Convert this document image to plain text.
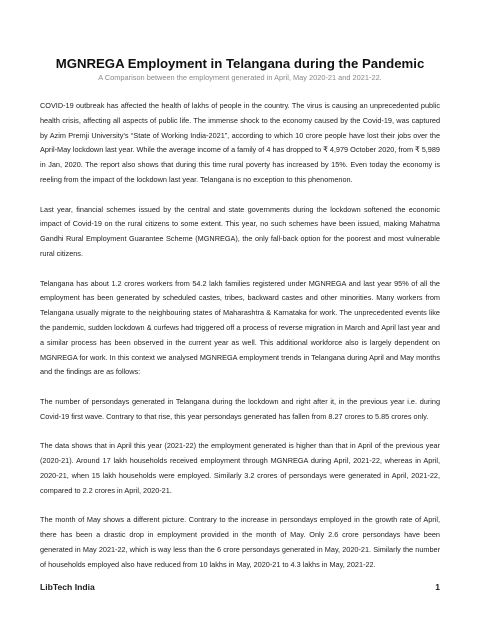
MGNREGA Employment in Telangana during the Pandemic
A Comparison between the employment generated in April, May 2020-21 and 2021-22.

COVID-19 outbreak has affected the health of lakhs of people in the country. The virus is causing an unprecedented public health crisis, affecting all aspects of public life. The immense shock to the economy caused by the Covid-19, was captured by Azim Premji University’s “State of Working India-2021”, according to which 10 crore people have lost their jobs over the April-May lockdown last year. While the average income of a family of 4 has dropped to ₹ 4,979 October 2020, from ₹ 5,989 in Jan, 2020. The report also shows that during this time rural poverty has increased by 15%. Even today the economy is reeling from the impact of the lockdown last year. Telangana is no exception to this phenomenon.

Last year, financial schemes issued by the central and state governments during the lockdown softened the economic impact of Covid-19 on the rural citizens to some extent. This year, no such schemes have been issued, making Mahatma Gandhi Rural Employment Guarantee Scheme (MGNREGA), the only fall-back option for the poorest and most vulnerable rural citizens.

Telangana has about 1.2 crores workers from 54.2 lakh families registered under MGNREGA and last year 95% of all the employment has been generated by scheduled castes, tribes, backward castes and other minorities. Many workers from Telangana usually migrate to the neighbouring states of Maharashtra & Karnataka for work. The unprecedented events like the pandemic, sudden lockdown & curfews had triggered off a process of reverse migration in March and April last year and a similar process has been observed in the current year as well. This additional workforce also is largely dependent on MGNREGA for work. In this context we analysed MGNREGA employment trends in Telangana during April and May months and the findings are as follows:

The number of persondays generated in Telangana during the lockdown and right after it, in the previous year i.e. during Covid-19 first wave. Contrary to that rise, this year persondays generated has fallen from 8.27 crores to 5.85 crores only.

The data shows that in April this year (2021-22) the employment generated is higher than that in April of the previous year (2020-21). Around 17 lakh households received employment through MGNREGA during April, 2021-22, whereas in April, 2020-21, when 15 lakh households were employed. Similarly 3.2 crores of persondays were generated in April, 2021-22, compared to 2.2 crores in April, 2020-21.

The month of May shows a different picture. Contrary to the increase in persondays employed in the growth rate of April, there has been a drastic drop in employment provided in the month of May. Only 2.6 crore persondays have been generated in May 2021-22, which is way less than the 6 crore persondays generated in May, 2020-21. Similarly the number of households employed also have reduced from 10 lakhs in May, 2020-21 to 4.3 lakhs in May, 2021-22.

LibTech India	1
